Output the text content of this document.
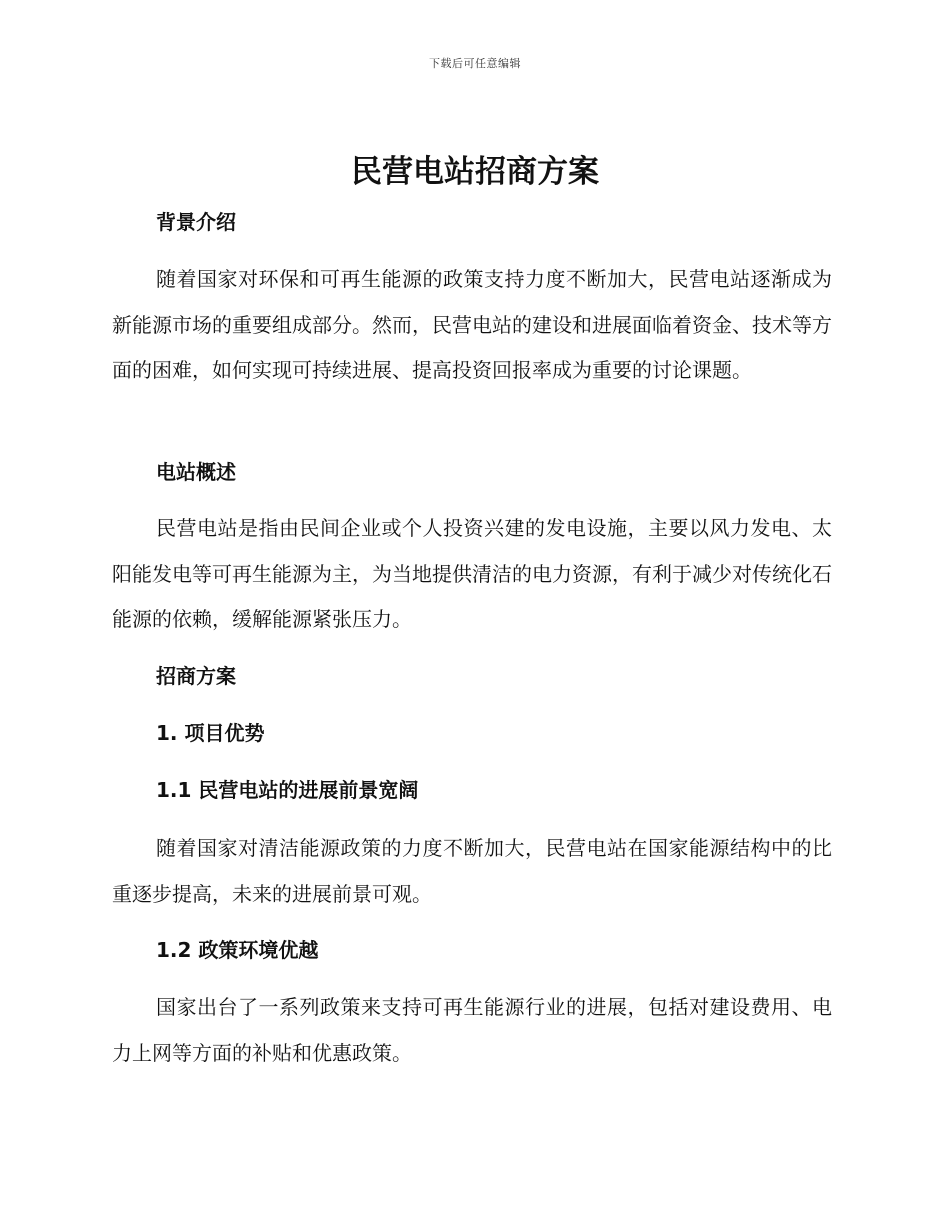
下载后可任意编辑
民营电站招商方案
背景介绍
随着国家对环保和可再生能源的政策支持力度不断加大，民营电站逐渐成为新能源市场的重要组成部分。然而，民营电站的建设和进展面临着资金、技术等方面的困难，如何实现可持续进展、提高投资回报率成为重要的讨论课题。
电站概述
民营电站是指由民间企业或个人投资兴建的发电设施，主要以风力发电、太阳能发电等可再生能源为主，为当地提供清洁的电力资源，有利于减少对传统化石能源的依赖，缓解能源紧张压力。
招商方案
1. 项目优势
1.1 民营电站的进展前景宽阔
随着国家对清洁能源政策的力度不断加大，民营电站在国家能源结构中的比重逐步提高，未来的进展前景可观。
1.2 政策环境优越
国家出台了一系列政策来支持可再生能源行业的进展，包括对建设费用、电力上网等方面的补贴和优惠政策。
